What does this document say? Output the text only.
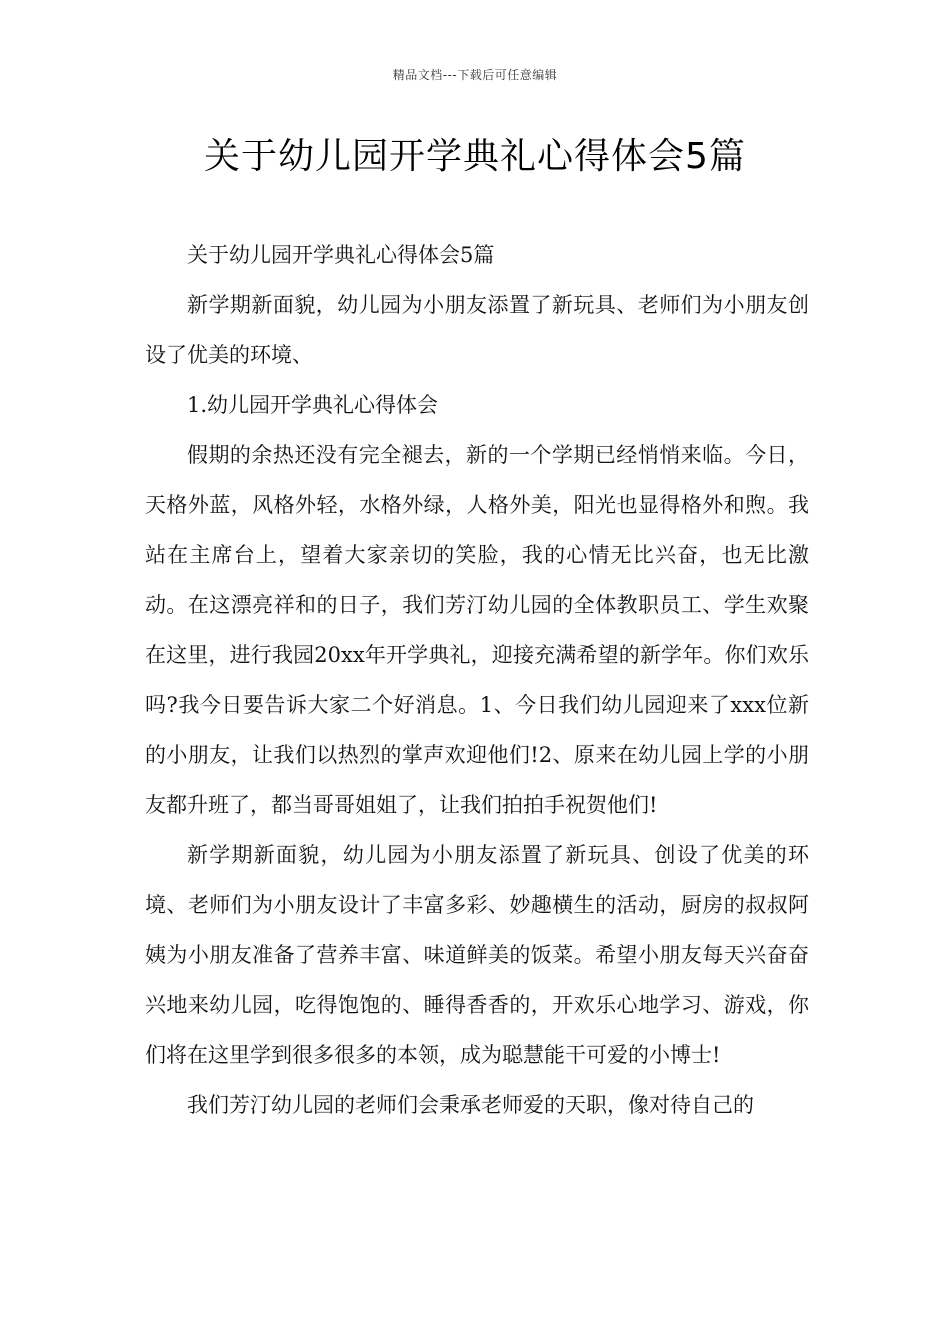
精品文档---下载后可任意编辑
关于幼儿园开学典礼心得体会5篇

关于幼儿园开学典礼心得体会5篇

新学期新面貌，幼儿园为小朋友添置了新玩具、老师们为小朋友创设了优美的环境、

1.幼儿园开学典礼心得体会

假期的余热还没有完全褪去，新的一个学期已经悄悄来临。今日，天格外蓝，风格外轻，水格外绿，人格外美，阳光也显得格外和煦。我站在主席台上，望着大家亲切的笑脸，我的心情无比兴奋，也无比激动。在这漂亮祥和的日子，我们芳汀幼儿园的全体教职员工、学生欢聚在这里，进行我园20xx年开学典礼，迎接充满希望的新学年。你们欢乐吗?我今日要告诉大家二个好消息。1、今日我们幼儿园迎来了xxx位新的小朋友，让我们以热烈的掌声欢迎他们!2、原来在幼儿园上学的小朋友都升班了，都当哥哥姐姐了，让我们拍拍手祝贺他们!

新学期新面貌，幼儿园为小朋友添置了新玩具、创设了优美的环境、老师们为小朋友设计了丰富多彩、妙趣横生的活动，厨房的叔叔阿姨为小朋友准备了营养丰富、味道鲜美的饭菜。希望小朋友每天兴奋奋兴地来幼儿园，吃得饱饱的、睡得香香的，开欢乐心地学习、游戏，你们将在这里学到很多很多的本领，成为聪慧能干可爱的小博士!

我们芳汀幼儿园的老师们会秉承老师爱的天职，像对待自己的
